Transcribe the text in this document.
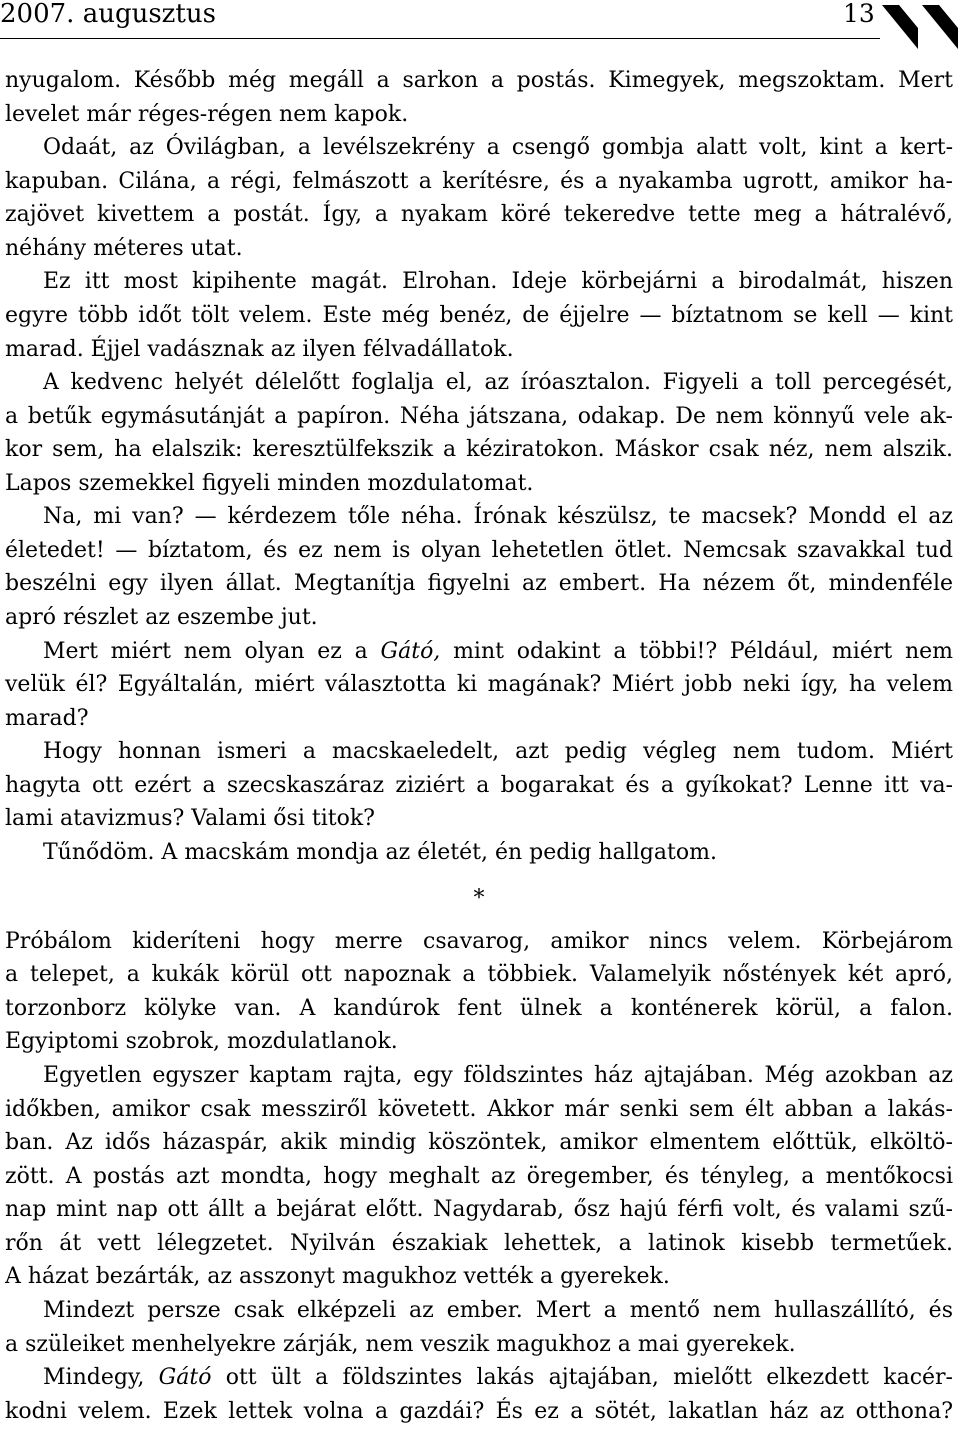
2007. augusztus	13
nyugalom. Később még megáll a sarkon a postás. Kimegyek, megszoktam. Mert
levelet már réges-régen nem kapok.
Odaát, az Óvilágban, a levélszekrény a csengő gombja alatt volt, kint a kert-
kapuban. Cilána, a régi, felmászott a kerítésre, és a nyakamba ugrott, amikor ha-
zajövet kivettem a postát. Így, a nyakam köré tekeredve tette meg a hátralévő,
néhány méteres utat.
Ez itt most kipihente magát. Elrohan. Ideje körbejárni a birodalmát, hiszen
egyre több időt tölt velem. Este még benéz, de éjjelre — bíztatnom se kell — kint
marad. Éjjel vadásznak az ilyen félvadállatok.
A kedvenc helyét délelőtt foglalja el, az íróasztalon. Figyeli a toll percegését,
a betűk egymásutánját a papíron. Néha játszana, odakap. De nem könnyű vele ak-
kor sem, ha elalszik: keresztülfekszik a kéziratokon. Máskor csak néz, nem alszik.
Lapos szemekkel figyeli minden mozdulatomat.
Na, mi van? — kérdezem tőle néha. Írónak készülsz, te macsek? Mondd el az
életedet! — bíztatom, és ez nem is olyan lehetetlen ötlet. Nemcsak szavakkal tud
beszélni egy ilyen állat. Megtanítja figyelni az embert. Ha nézem őt, mindenféle
apró részlet az eszembe jut.
Mert miért nem olyan ez a Gátó, mint odakint a többi!? Például, miért nem
velük él? Egyáltalán, miért választotta ki magának? Miért jobb neki így, ha velem
marad?
Hogy honnan ismeri a macskaeledelt, azt pedig végleg nem tudom. Miért
hagyta ott ezért a szecskaszáraz ziziért a bogarakat és a gyíkokat? Lenne itt va-
lami atavizmus? Valami ősi titok?
Tűnődöm. A macskám mondja az életét, én pedig hallgatom.
*
Próbálom kideríteni hogy merre csavarog, amikor nincs velem. Körbejárom
a telepet, a kukák körül ott napoznak a többiek. Valamelyik nőstények két apró,
torzonborz kölyke van. A kandúrok fent ülnek a konténerek körül, a falon.
Egyiptomi szobrok, mozdulatlanok.
Egyetlen egyszer kaptam rajta, egy földszintes ház ajtajában. Még azokban az
időkben, amikor csak messziről követett. Akkor már senki sem élt abban a lakás-
ban. Az idős házaspár, akik mindig köszöntek, amikor elmentem előttük, elköltö-
zött. A postás azt mondta, hogy meghalt az öregember, és tényleg, a mentőkocsi
nap mint nap ott állt a bejárat előtt. Nagydarab, ősz hajú férfi volt, és valami szű-
rőn át vett lélegzetet. Nyilván északiak lehettek, a latinok kisebb termetűek.
A házat bezárták, az asszonyt magukhoz vették a gyerekek.
Mindezt persze csak elképzeli az ember. Mert a mentő nem hullaszállító, és
a szüleiket menhelyekre zárják, nem veszik magukhoz a mai gyerekek.
Mindegy, Gátó ott ült a földszintes lakás ajtajában, mielőtt elkezdett kacér-
kodni velem. Ezek lettek volna a gazdái? És ez a sötét, lakatlan ház az otthona?
